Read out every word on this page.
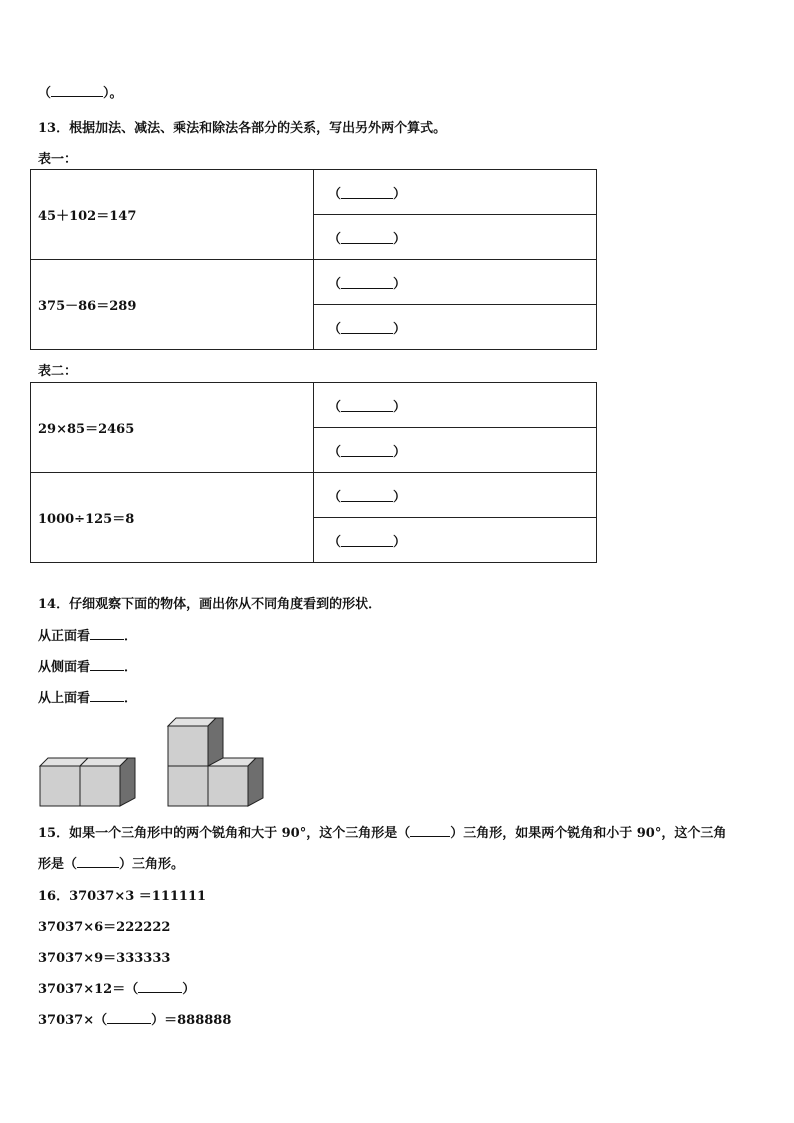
（	）。
13．根据加法、减法、乘法和除法各部分的关系，写出另外两个算式。
表一：
45＋102＝147
（	）
（	）
375－86＝289
（	）
（	）
表二：
29×85＝2465
（	）
（	）
1000÷125＝8
（	）
（	）
14．仔细观察下面的物体，画出你从不同角度看到的形状．
从正面看	．
从侧面看	．
从上面看	．
15．如果一个三角形中的两个锐角和大于 90°，这个三角形是（	）三角形，如果两个锐角和小于 90°，这个三角
形是（	）三角形。
16．37037×3 ＝111111
37037×6＝222222
37037×9＝333333
37037×12＝（	）
37037×（	）＝888888
